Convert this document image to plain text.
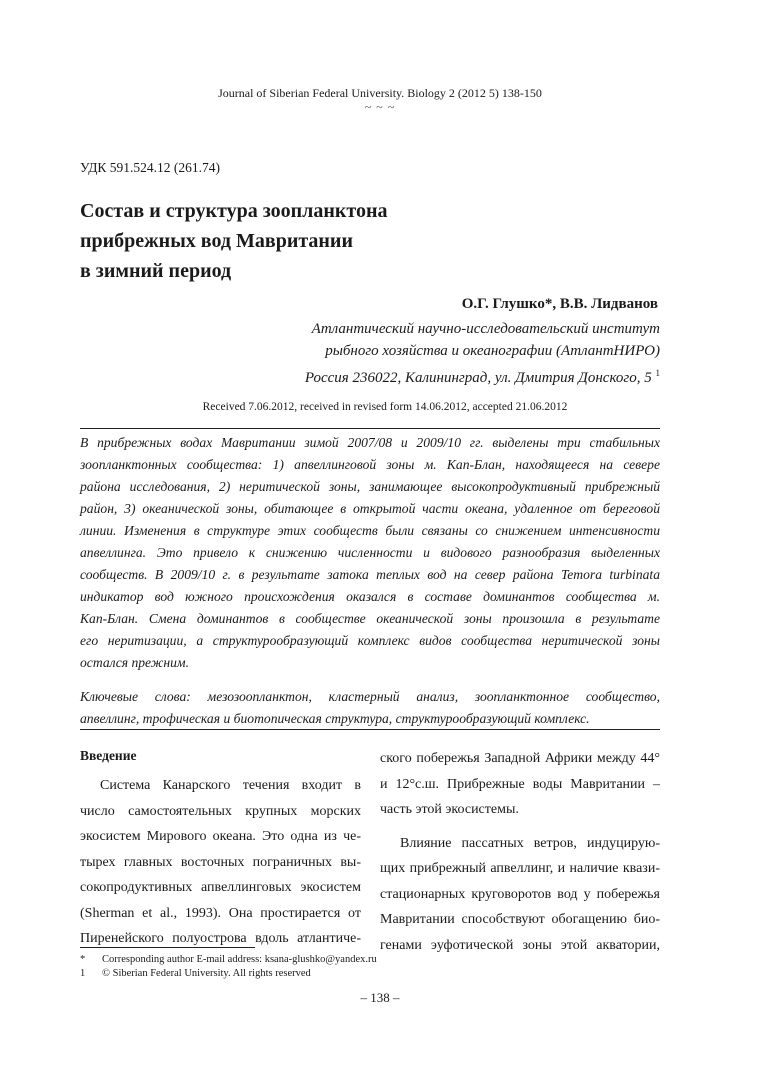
Journal of Siberian Federal University. Biology 2 (2012 5) 138-150
~ ~ ~
УДК 591.524.12 (261.74)
Состав и структура зоопланктона
прибрежных вод Мавритании
в зимний период
О.Г. Глушко*, В.В. Лидванов
Атлантический научно-исследовательский институт
рыбного хозяйства и океанографии (АтлантНИРО)
Россия 236022, Калининград, ул. Дмитрия Донского, 5 $^1$
Received 7.06.2012, received in revised form 14.06.2012, accepted 21.06.2012
В прибрежных водах Мавритании зимой 2007/08 и 2009/10 гг. выделены три стабильных
зоопланктонных сообщества: 1) апвеллинговой зоны м. Кап-Блан, находящееся на севере
района исследования, 2) неритической зоны, занимающее высокопродуктивный прибрежный
район, 3) океанической зоны, обитающее в открытой части океана, удаленное от береговой
линии. Изменения в структуре этих сообществ были связаны со снижением интенсивности
апвеллинга. Это привело к снижению численности и видового разнообразия выделенных
сообществ. В 2009/10 г. в результате затока теплых вод на север района Temora turbinata
индикатор вод южного происхождения оказался в составе доминантов сообщества м.
Кап-Блан. Смена доминантов в сообществе океанической зоны произошла в результате
его неритизации, а структурообразующий комплекс видов сообщества неритической зоны
остался прежним.
Ключевые слова: мезозоопланктон, кластерный анализ, зоопланктонное сообщество,
апвеллинг, трофическая и биотопическая структура, структурообразующий комплекс.
Введение
Система Канарского течения входит в
число самостоятельных крупных морских
экосистем Мирового океана. Это одна из че-
тырех главных восточных пограничных вы-
сокопродуктивных апвеллинговых экосистем
(Sherman et al., 1993). Она простирается от
Пиренейского полуострова вдоль атлантиче-
ского побережья Западной Африки между 44°
и 12°с.ш. Прибрежные воды Мавритании –
часть этой экосистемы.
Влияние пассатных ветров, индуцирую-
щих прибрежный апвеллинг, и наличие квази-
стационарных круговоротов вод у побережья
Мавритании способствуют обогащению био-
генами эуфотической зоны этой акватории,
* Corresponding author E-mail address: ksana-glushko@yandex.ru
1 © Siberian Federal University. All rights reserved
– 138 –
